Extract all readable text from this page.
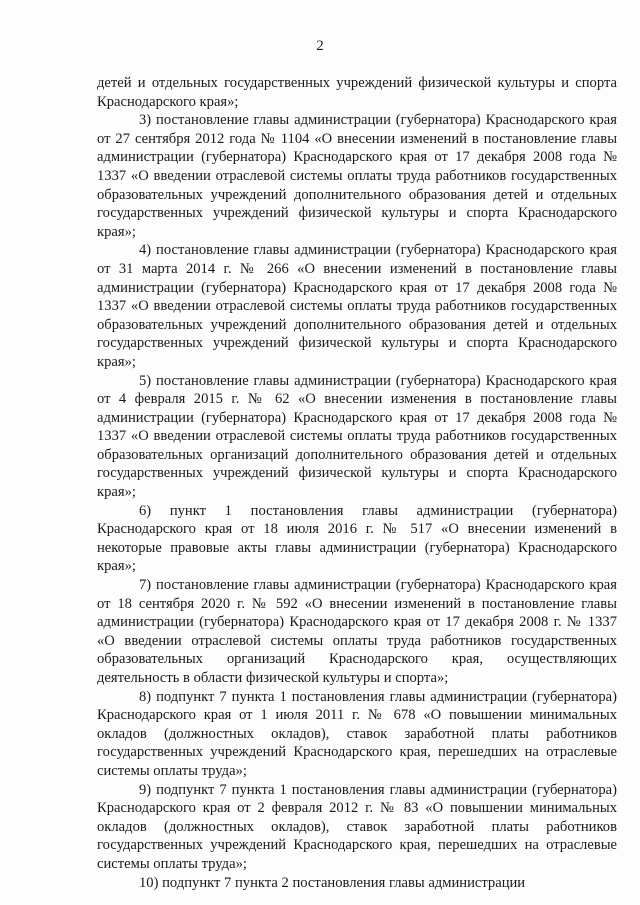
2

детей и отдельных государственных учреждений физической культуры и спорта Краснодарского края»;

3) постановление главы администрации (губернатора) Краснодарского края от 27 сентября 2012 года № 1104 «О внесении изменений в постановление главы администрации (губернатора) Краснодарского края от 17 декабря 2008 года № 1337 «О введении отраслевой системы оплаты труда работников государственных образовательных учреждений дополнительного образования детей и отдельных государственных учреждений физической культуры и спорта Краснодарского края»;

4) постановление главы администрации (губернатора) Краснодарского края от 31 марта 2014 г. № 266 «О внесении изменений в постановление главы администрации (губернатора) Краснодарского края от 17 декабря 2008 года № 1337 «О введении отраслевой системы оплаты труда работников государственных образовательных учреждений дополнительного образования детей и отдельных государственных учреждений физической культуры и спорта Краснодарского края»;

5) постановление главы администрации (губернатора) Краснодарского края от 4 февраля 2015 г. № 62 «О внесении изменения в постановление главы администрации (губернатора) Краснодарского края от 17 декабря 2008 года № 1337 «О введении отраслевой системы оплаты труда работников государственных образовательных организаций дополнительного образования детей и отдельных государственных учреждений физической культуры и спорта Краснодарского края»;

6) пункт 1 постановления главы администрации (губернатора) Краснодарского края от 18 июля 2016 г. № 517 «О внесении изменений в некоторые правовые акты главы администрации (губернатора) Краснодарского края»;

7) постановление главы администрации (губернатора) Краснодарского края от 18 сентября 2020 г. № 592 «О внесении изменений в постановление главы администрации (губернатора) Краснодарского края от 17 декабря 2008 г. № 1337 «О введении отраслевой системы оплаты труда работников государственных образовательных организаций Краснодарского края, осуществляющих деятельность в области физической культуры и спорта»;

8) подпункт 7 пункта 1 постановления главы администрации (губернатора) Краснодарского края от 1 июля 2011 г. № 678 «О повышении минимальных окладов (должностных окладов), ставок заработной платы работников государственных учреждений Краснодарского края, перешедших на отраслевые системы оплаты труда»;

9) подпункт 7 пункта 1 постановления главы администрации (губернатора) Краснодарского края от 2 февраля 2012 г. № 83 «О повышении минимальных окладов (должностных окладов), ставок заработной платы работников государственных учреждений Краснодарского края, перешедших на отраслевые системы оплаты труда»;

10) подпункт 7 пункта 2 постановления главы администрации
